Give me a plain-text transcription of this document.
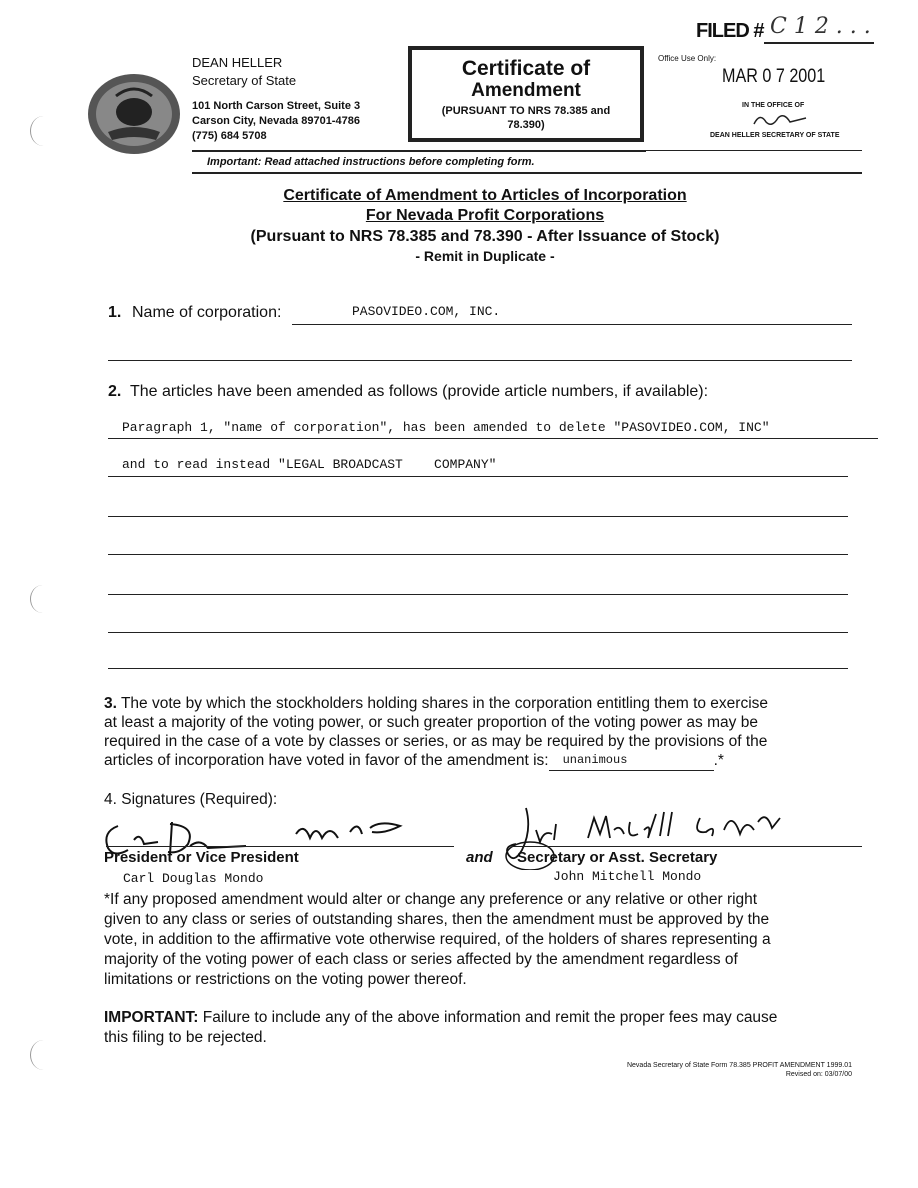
DEAN HELLER
Secretary of State
101 North Carson Street, Suite 3
Carson City, Nevada 89701-4786
(775) 684 5708
Certificate of
Amendment
(PURSUANT TO NRS 78.385 and
78.390)
FILED # C 1 2 . . .
Office Use Only:
MAR 0 7 2001
IN THE OFFICE OF
DEAN HELLER SECRETARY OF STATE
Important: Read attached instructions before completing form.
Certificate of Amendment to Articles of Incorporation
For Nevada Profit Corporations
(Pursuant to NRS 78.385 and 78.390 - After Issuance of Stock)
- Remit in Duplicate -
1. Name of corporation:	PASOVIDEO.COM, INC.
2. The articles have been amended as follows (provide article numbers, if available):
Paragraph 1, "name of corporation", has been amended to delete "PASOVIDEO.COM, INC"
and to read instead "LEGAL BROADCAST    COMPANY"
3. The vote by which the stockholders holding shares in the corporation entitling them to exercise
at least a majority of the voting power, or such greater proportion of the voting power as may be
required in the case of a vote by classes or series, or as may be required by the provisions of the
articles of incorporation have voted in favor of the amendment is: unanimous	.*
4. Signatures (Required):
President or Vice President
Carl Douglas Mondo
and Secretary or Asst. Secretary
John Mitchell Mondo
*If any proposed amendment would alter or change any preference or any relative or other right
given to any class or series of outstanding shares, then the amendment must be approved by the
vote, in addition to the affirmative vote otherwise required, of the holders of shares representing a
majority of the voting power of each class or series affected by the amendment regardless of
limitations or restrictions on the voting power thereof.
IMPORTANT: Failure to include any of the above information and remit the proper fees may cause
this filing to be rejected.
Nevada Secretary of State Form 78.385 PROFIT AMENDMENT 1999.01
Revised on: 03/07/00
